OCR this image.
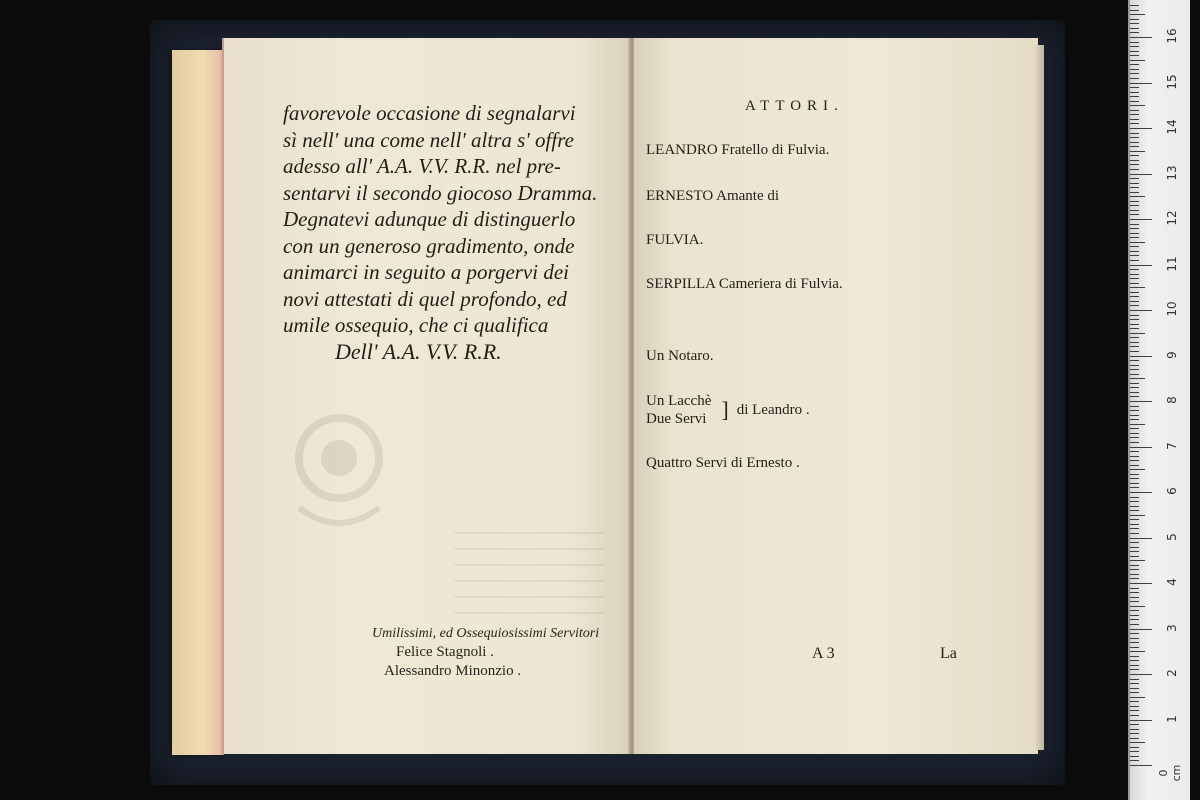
favorevole occasione di segnalarvi
sì nell' una come nell' altra s' offre
adesso all' A.A. V.V. R.R. nel pre-
sentarvi il secondo giocoso Dramma.
Degnatevi adunque di distinguerlo
con un generoso gradimento, onde
animarci in seguito a porgervi dei
novi attestati di quel profondo, ed
umile ossequio, che ci qualifica
Dell' A.A. V.V. R.R.
Umilissimi, ed Ossequiosissimi Servitori
Felice Stagnoli .
Alessandro Minonzio .
ATTORI.
LEANDRO Fratello di Fulvia.
ERNESTO Amante di
FULVIA.
SERPILLA Cameriera di Fulvia.
Un Notaro.
Un Lacchè
Due Servi ] di Leandro .
Quattro Servi di Ernesto .
A 3	La
0 cm
1
2
3
4
5
6
7
8
9
10
11
12
13
14
15
16
